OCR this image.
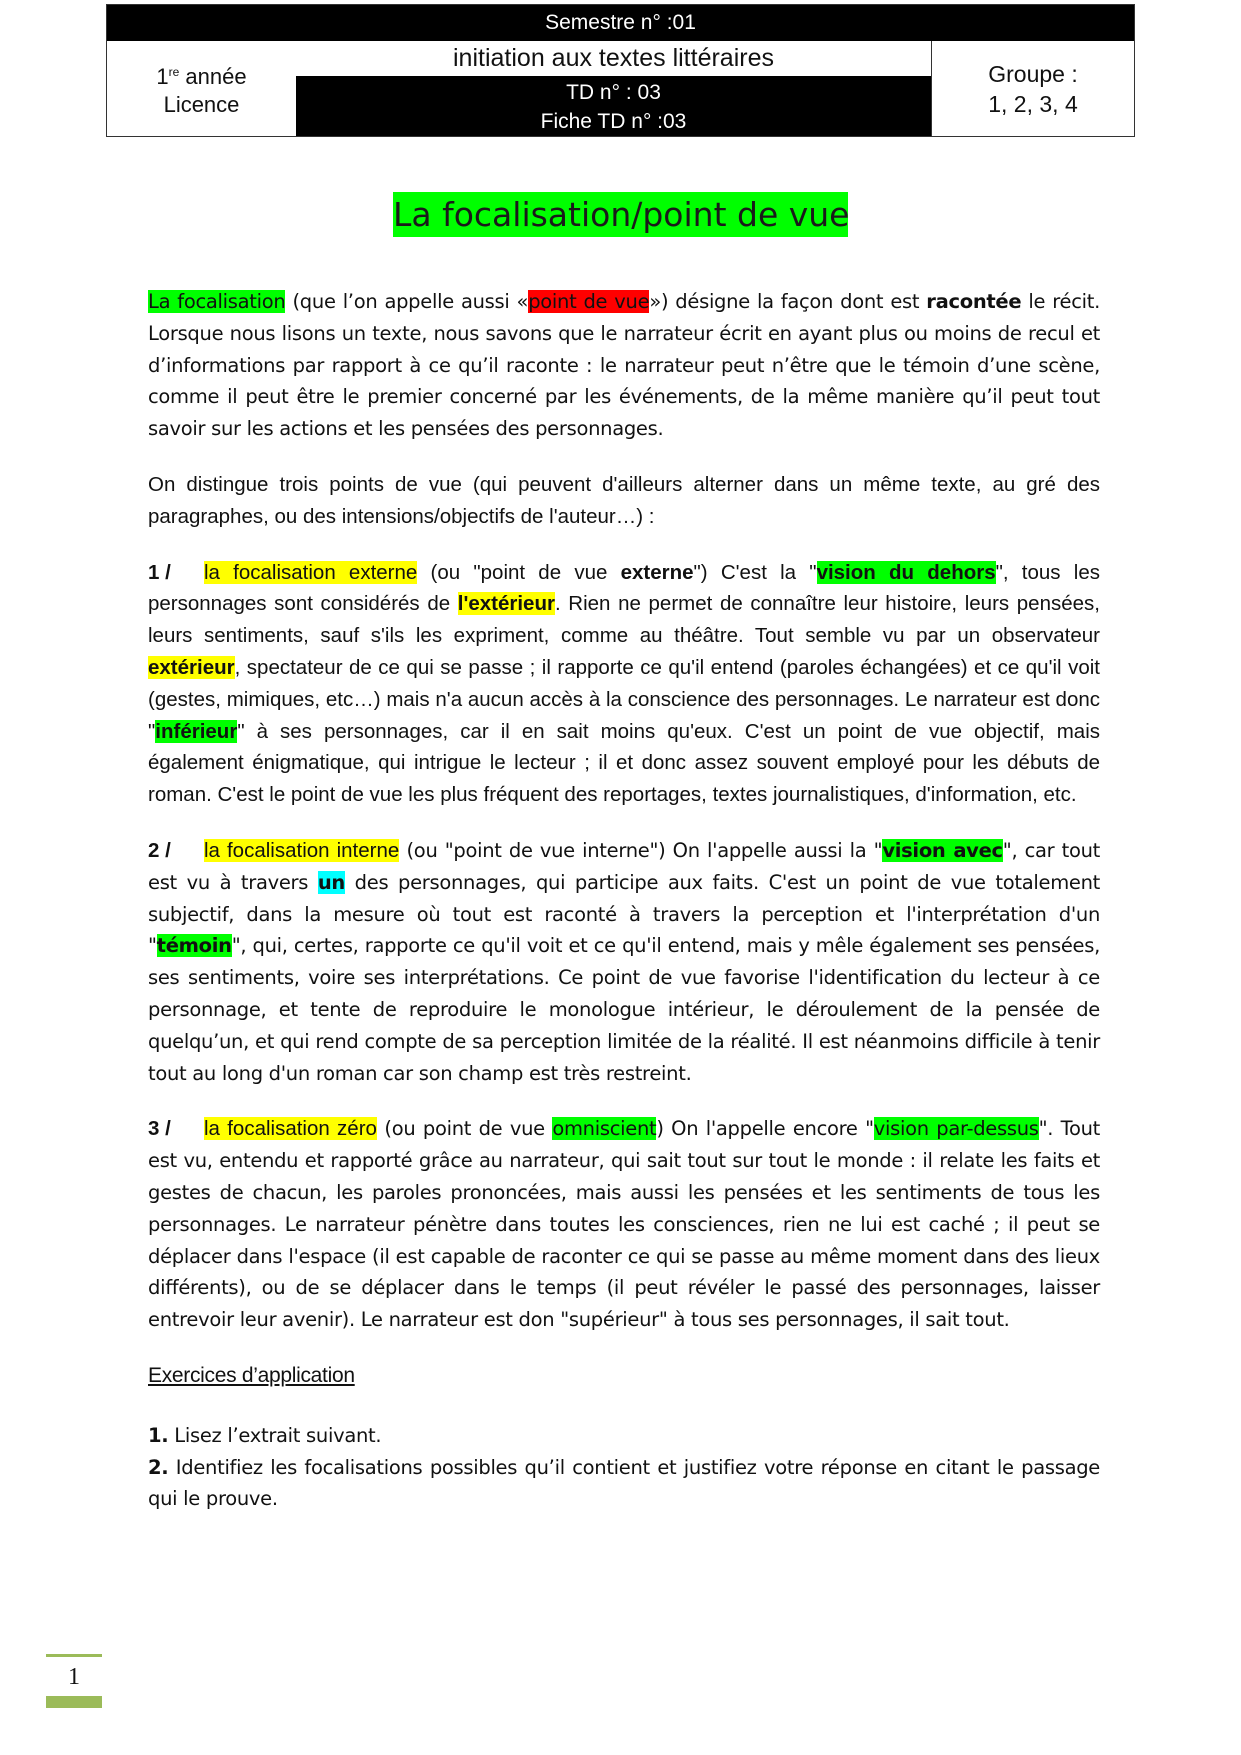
Semestre n° :01
1re année
Licence
initiation aux textes littéraires
TD n° : 03
Fiche TD n° :03
Groupe :
1, 2, 3, 4
La focalisation/point de vue

La focalisation (que l’on appelle aussi «point de vue») désigne la façon dont est racontée le récit. Lorsque nous lisons un texte, nous savons que le narrateur écrit en ayant plus ou moins de recul et d’informations par rapport à ce qu’il raconte : le narrateur peut n’être que le témoin d’une scène, comme il peut être le premier concerné par les événements, de la même manière qu’il peut tout savoir sur les actions et les pensées des personnages.

On distingue trois points de vue (qui peuvent d'ailleurs alterner dans un même texte, au gré des paragraphes, ou des intensions/objectifs de l'auteur…) :

1 / la focalisation externe (ou "point de vue externe") C'est la "vision du dehors", tous les personnages sont considérés de l'extérieur. Rien ne permet de connaître leur histoire, leurs pensées, leurs sentiments, sauf s'ils les expriment, comme au théâtre. Tout semble vu par un observateur extérieur, spectateur de ce qui se passe ; il rapporte ce qu'il entend (paroles échangées) et ce qu'il voit (gestes, mimiques, etc…) mais n'a aucun accès à la conscience des personnages. Le narrateur est donc "inférieur" à ses personnages, car il en sait moins qu'eux. C'est un point de vue objectif, mais également énigmatique, qui intrigue le lecteur ; il et donc assez souvent employé pour les débuts de roman. C'est le point de vue les plus fréquent des reportages, textes journalistiques, d'information, etc.

2 / la focalisation interne (ou "point de vue interne") On l'appelle aussi la "vision avec", car tout est vu à travers un des personnages, qui participe aux faits. C'est un point de vue totalement subjectif, dans la mesure où tout est raconté à travers la perception et l'interprétation d'un "témoin", qui, certes, rapporte ce qu'il voit et ce qu'il entend, mais y mêle également ses pensées, ses sentiments, voire ses interprétations. Ce point de vue favorise l'identification du lecteur à ce personnage, et tente de reproduire le monologue intérieur, le déroulement de la pensée de quelqu’un, et qui rend compte de sa perception limitée de la réalité. Il est néanmoins difficile à tenir tout au long d'un roman car son champ est très restreint.

3 / la focalisation zéro (ou point de vue omniscient) On l'appelle encore "vision par-dessus". Tout est vu, entendu et rapporté grâce au narrateur, qui sait tout sur tout le monde : il relate les faits et gestes de chacun, les paroles prononcées, mais aussi les pensées et les sentiments de tous les personnages. Le narrateur pénètre dans toutes les consciences, rien ne lui est caché ; il peut se déplacer dans l'espace (il est capable de raconter ce qui se passe au même moment dans des lieux différents), ou de se déplacer dans le temps (il peut révéler le passé des personnages, laisser entrevoir leur avenir). Le narrateur est don "supérieur" à tous ses personnages, il sait tout.

Exercices d’application

1. Lisez l’extrait suivant.

2. Identifiez les focalisations possibles qu’il contient et justifiez votre réponse en citant le passage qui le prouve.

1
